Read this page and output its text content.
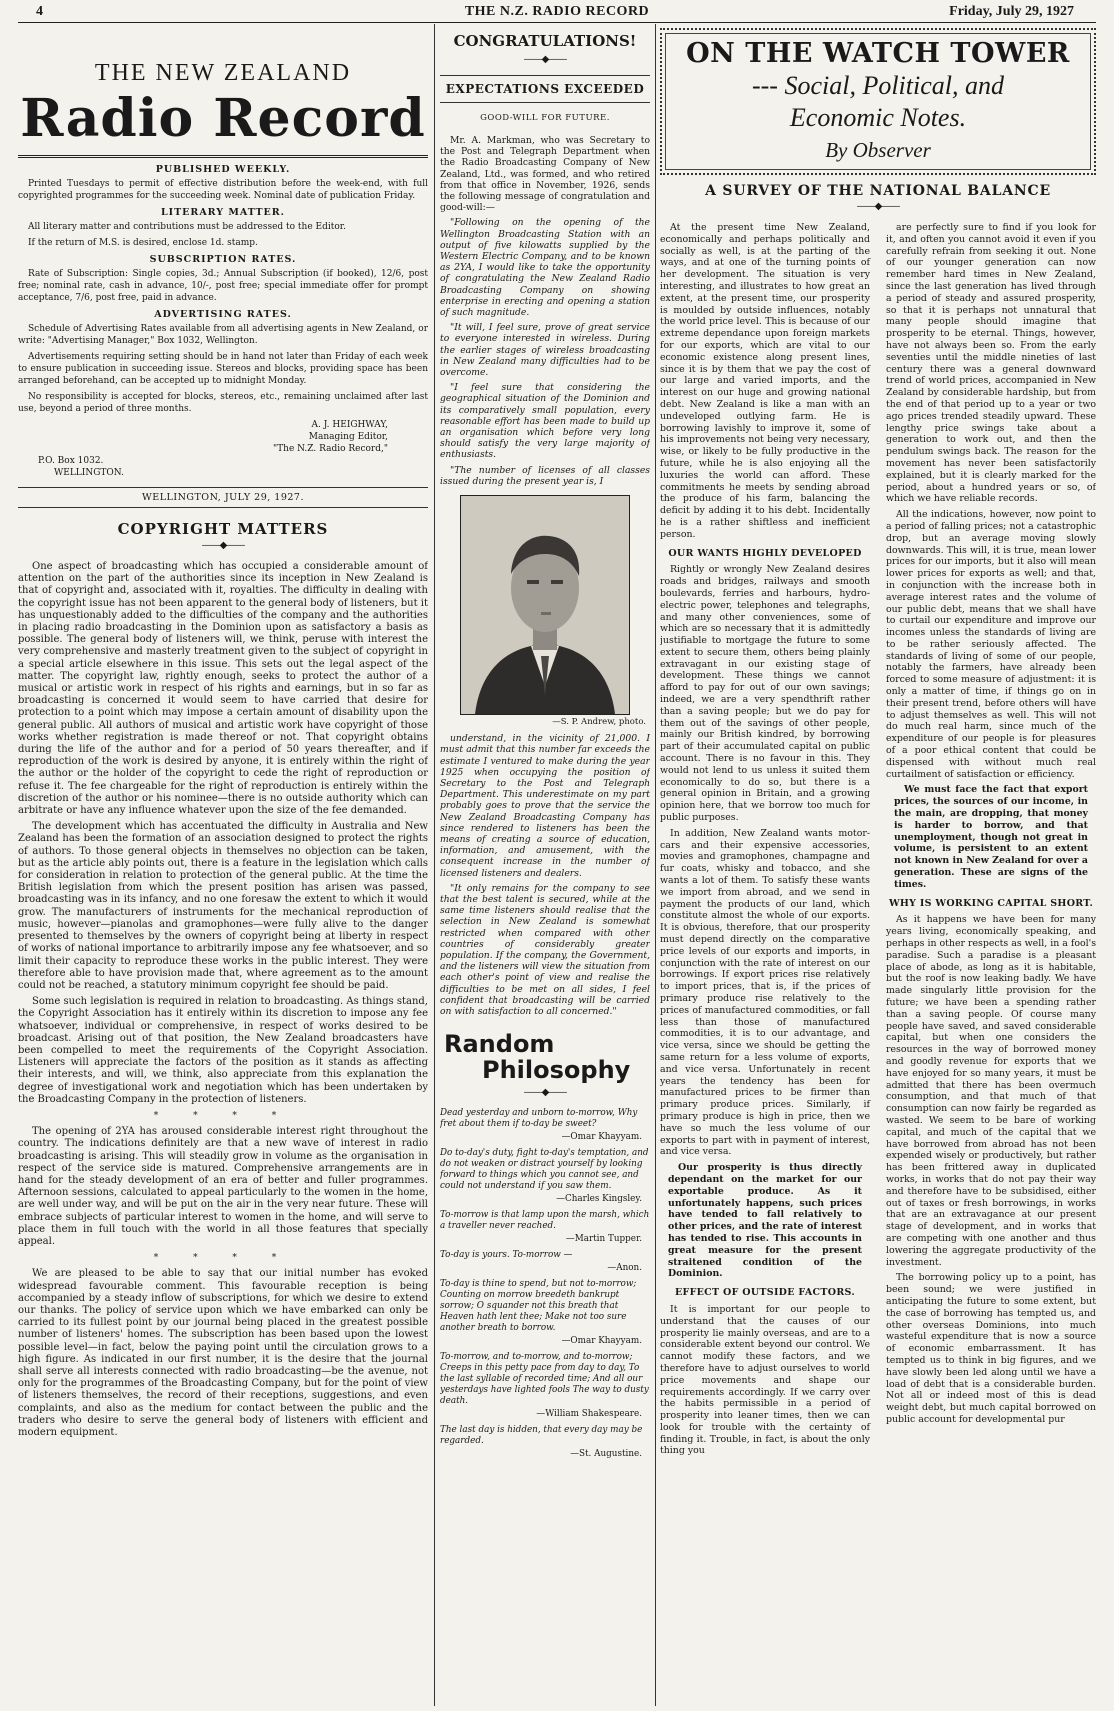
4	THE N.Z. RADIO RECORD	Friday, July 29, 1927
THE NEW ZEALAND
Radio Record
PUBLISHED WEEKLY.

Printed Tuesdays to permit of effective distribution before the week-end, with full copyrighted programmes for the succeeding week. Nominal date of publication Friday.

LITERARY MATTER.

All literary matter and contributions must be addressed to the Editor.

If the return of M.S. is desired, enclose 1d. stamp.

SUBSCRIPTION RATES.

Rate of Subscription: Single copies, 3d.; Annual Subscription (if booked), 12/6, post free; nominal rate, cash in advance, 10/-, post free; special immediate offer for prompt acceptance, 7/6, post free, paid in advance.

ADVERTISING RATES.

Schedule of Advertising Rates available from all advertising agents in New Zealand, or write: "Advertising Manager," Box 1032, Wellington.

Advertisements requiring setting should be in hand not later than Friday of each week to ensure publication in succeeding issue. Stereos and blocks, providing space has been arranged beforehand, can be accepted up to midnight Monday.

No responsibility is accepted for blocks, stereos, etc., remaining unclaimed after last use, beyond a period of three months.

A. J. HEIGHWAY,
Managing Editor,
"The N.Z. Radio Record,"
P.O. Box 1032.
WELLINGTON.
WELLINGTON, JULY 29, 1927.
COPYRIGHT MATTERS
——◆——

One aspect of broadcasting which has occupied a considerable amount of attention on the part of the authorities since its inception in New Zealand is that of copyright and, associated with it, royalties. The difficulty in dealing with the copyright issue has not been apparent to the general body of listeners, but it has unquestionably added to the difficulties of the company and the authorities in placing radio broadcasting in the Dominion upon as satisfactory a basis as possible. The general body of listeners will, we think, peruse with interest the very comprehensive and masterly treatment given to the subject of copyright in a special article elsewhere in this issue. This sets out the legal aspect of the matter. The copyright law, rightly enough, seeks to protect the author of a musical or artistic work in respect of his rights and earnings, but in so far as broadcasting is concerned it would seem to have carried that desire for protection to a point which may impose a certain amount of disability upon the general public. All authors of musical and artistic work have copyright of those works whether registration is made thereof or not. That copyright obtains during the life of the author and for a period of 50 years thereafter, and if reproduction of the work is desired by anyone, it is entirely within the right of the author or the holder of the copyright to cede the right of reproduction or refuse it. The fee chargeable for the right of reproduction is entirely within the discretion of the author or his nominee—there is no outside authority which can arbitrate or have any influence whatever upon the size of the fee demanded.

The development which has accentuated the difficulty in Australia and New Zealand has been the formation of an association designed to protect the rights of authors. To those general objects in themselves no objection can be taken, but as the article ably points out, there is a feature in the legislation which calls for consideration in relation to protection of the general public. At the time the British legislation from which the present position has arisen was passed, broadcasting was in its infancy, and no one foresaw the extent to which it would grow. The manufacturers of instruments for the mechanical reproduction of music, however—pianolas and gramophones—were fully alive to the danger presented to themselves by the owners of copyright being at liberty in respect of works of national importance to arbitrarily impose any fee whatsoever, and so limit their capacity to reproduce these works in the public interest. They were therefore able to have provision made that, where agreement as to the amount could not be reached, a statutory minimum copyright fee should be paid.

Some such legislation is required in relation to broadcasting. As things stand, the Copyright Association has it entirely within its discretion to impose any fee whatsoever, individual or comprehensive, in respect of works desired to be broadcast. Arising out of that position, the New Zealand broadcasters have been compelled to meet the requirements of the Copyright Association. Listeners will appreciate the factors of the position as it stands as affecting their interests, and will, we think, also appreciate from this explanation the degree of investigational work and negotiation which has been undertaken by the Broadcasting Company in the protection of listeners.

* * * *

The opening of 2YA has aroused considerable interest right throughout the country. The indications definitely are that a new wave of interest in radio broadcasting is arising. This will steadily grow in volume as the organisation in respect of the service side is matured. Comprehensive arrangements are in hand for the steady development of an era of better and fuller programmes. Afternoon sessions, calculated to appeal particularly to the women in the home, are well under way, and will be put on the air in the very near future. These will embrace subjects of particular interest to women in the home, and will serve to place them in full touch with the world in all those features that specially appeal.

* * * *

We are pleased to be able to say that our initial number has evoked widespread favourable comment. This favourable reception is being accompanied by a steady inflow of subscriptions, for which we desire to extend our thanks. The policy of service upon which we have embarked can only be carried to its fullest point by our journal being placed in the greatest possible number of listeners' homes. The subscription has been based upon the lowest possible level—in fact, below the paying point until the circulation grows to a high figure. As indicated in our first number, it is the desire that the journal shall serve all interests connected with radio broadcasting—be the avenue, not only for the programmes of the Broadcasting Company, but for the point of view of listeners themselves, the record of their receptions, suggestions, and even complaints, and also as the medium for contact between the public and the traders who desire to serve the general body of listeners with efficient and modern equipment.

CONGRATULATIONS!
——◆——
EXPECTATIONS EXCEEDED
GOOD-WILL FOR FUTURE.

Mr. A. Markman, who was Secretary to the Post and Telegraph Department when the Radio Broadcasting Company of New Zealand, Ltd., was formed, and who retired from that office in November, 1926, sends the following message of congratulation and good-will:—

"Following on the opening of the Wellington Broadcasting Station with an output of five kilowatts supplied by the Western Electric Company, and to be known as 2YA, I would like to take the opportunity of congratulating the New Zealand Radio Broadcasting Company on showing enterprise in erecting and opening a station of such magnitude.

"It will, I feel sure, prove of great service to everyone interested in wireless. During the earlier stages of wireless broadcasting in New Zealand many difficulties had to be overcome.

"I feel sure that considering the geographical situation of the Dominion and its comparatively small population, every reasonable effort has been made to build up an organisation which before very long should satisfy the very large majority of enthusiasts.

"The number of licenses of all classes issued during the present year is, I

—S. P. Andrew, photo.

understand, in the vicinity of 21,000. I must admit that this number far exceeds the estimate I ventured to make during the year 1925 when occupying the position of Secretary to the Post and Telegraph Department. This underestimate on my part probably goes to prove that the service the New Zealand Broadcasting Company has since rendered to listeners has been the means of creating a source of education, information, and amusement, with the consequent increase in the number of licensed listeners and dealers.

"It only remains for the company to see that the best talent is secured, while at the same time listeners should realise that the selection in New Zealand is somewhat restricted when compared with other countries of considerably greater population. If the company, the Government, and the listeners will view the situation from each other's point of view and realise the difficulties to be met on all sides, I feel confident that broadcasting will be carried on with satisfaction to all concerned."

Random
Philosophy
——◆——
Dead yesterday and unborn to-morrow, Why fret about them if to-day be sweet?
—Omar Khayyam.
Do to-day's duty, fight to-day's temptation, and do not weaken or distract yourself by looking forward to things which you cannot see, and could not understand if you saw them.
—Charles Kingsley.
To-morrow is that lamp upon the marsh, which a traveller never reached.
—Martin Tupper.
To-day is yours. To-morrow —
—Anon.
To-day is thine to spend, but not to-morrow; Counting on morrow breedeth bankrupt sorrow; O squander not this breath that Heaven hath lent thee; Make not too sure another breath to borrow.
—Omar Khayyam.
To-morrow, and to-morrow, and to-morrow; Creeps in this petty pace from day to day, To the last syllable of recorded time; And all our yesterdays have lighted fools The way to dusty death.
—William Shakespeare.
The last day is hidden, that every day may be regarded.
—St. Augustine.
ON THE WATCH TOWER
--- Social, Political, and
Economic Notes.
By Observer
A SURVEY OF THE NATIONAL BALANCE
——◆——

At the present time New Zealand, economically and perhaps politically and socially as well, is at the parting of the ways, and at one of the turning points of her development. The situation is very interesting, and illustrates to how great an extent, at the present time, our prosperity is moulded by outside influences, notably the world price level. This is because of our extreme dependance upon foreign markets for our exports, which are vital to our economic existence along present lines, since it is by them that we pay the cost of our large and varied imports, and the interest on our huge and growing national debt. New Zealand is like a man with an undeveloped outlying farm. He is borrowing lavishly to improve it, some of his improvements not being very necessary, wise, or likely to be fully productive in the future, while he is also enjoying all the luxuries the world can afford. These commitments he meets by sending abroad the produce of his farm, balancing the deficit by adding it to his debt. Incidentally he is a rather shiftless and inefficient person.

OUR WANTS HIGHLY DEVELOPED

Rightly or wrongly New Zealand desires roads and bridges, railways and smooth boulevards, ferries and harbours, hydro-electric power, telephones and telegraphs, and many other conveniences, some of which are so necessary that it is admittedly justifiable to mortgage the future to some extent to secure them, others being plainly extravagant in our existing stage of development. These things we cannot afford to pay for out of our own savings; indeed, we are a very spendthrift rather than a saving people; but we do pay for them out of the savings of other people, mainly our British kindred, by borrowing part of their accumulated capital on public account. There is no favour in this. They would not lend to us unless it suited them economically to do so, but there is a general opinion in Britain, and a growing opinion here, that we borrow too much for public purposes.

In addition, New Zealand wants motor-cars and their expensive accessories, movies and gramophones, champagne and fur coats, whisky and tobacco, and she wants a lot of them. To satisfy these wants we import from abroad, and we send in payment the products of our land, which constitute almost the whole of our exports. It is obvious, therefore, that our prosperity must depend directly on the comparative price levels of our exports and imports, in conjunction with the rate of interest on our borrowings. If export prices rise relatively to import prices, that is, if the prices of primary produce rise relatively to the prices of manufactured commodities, or fall less than those of manufactured commodities, it is to our advantage, and vice versa, since we should be getting the same return for a less volume of exports, and vice versa. Unfortunately in recent years the tendency has been for manufactured prices to be firmer than primary produce prices. Similarly, if primary produce is high in price, then we have so much the less volume of our exports to part with in payment of interest, and vice versa.

Our prosperity is thus directly dependant on the market for our exportable produce. As it unfortunately happens, such prices have tended to fall relatively to other prices, and the rate of interest has tended to rise. This accounts in great measure for the present straitened condition of the Dominion.

EFFECT OF OUTSIDE FACTORS.

It is important for our people to understand that the causes of our prosperity lie mainly overseas, and are to a considerable extent beyond our control. We cannot modify these factors, and we therefore have to adjust ourselves to world price movements and shape our requirements accordingly. If we carry over the habits permissible in a period of prosperity into leaner times, then we can look for trouble with the certainty of finding it. Trouble, in fact, is about the only thing you

are perfectly sure to find if you look for it, and often you cannot avoid it even if you carefully refrain from seeking it out. None of our younger generation can now remember hard times in New Zealand, since the last generation has lived through a period of steady and assured prosperity, so that it is perhaps not unnatural that many people should imagine that prosperity to be eternal. Things, however, have not always been so. From the early seventies until the middle nineties of last century there was a general downward trend of world prices, accompanied in New Zealand by considerable hardship, but from the end of that period up to a year or two ago prices trended steadily upward. These lengthy price swings take about a generation to work out, and then the pendulum swings back. The reason for the movement has never been satisfactorily explained, but it is clearly marked for the period, about a hundred years or so, of which we have reliable records.

All the indications, however, now point to a period of falling prices; not a catastrophic drop, but an average moving slowly downwards. This will, it is true, mean lower prices for our imports, but it also will mean lower prices for exports as well; and that, in conjunction with the increase both in average interest rates and the volume of our public debt, means that we shall have to curtail our expenditure and improve our incomes unless the standards of living are to be rather seriously affected. The standards of living of some of our people, notably the farmers, have already been forced to some measure of adjustment: it is only a matter of time, if things go on in their present trend, before others will have to adjust themselves as well. This will not do much real harm, since much of the expenditure of our people is for pleasures of a poor ethical content that could be dispensed with without much real curtailment of satisfaction or efficiency.

We must face the fact that export prices, the sources of our income, in the main, are dropping, that money is harder to borrow, and that unemployment, though not great in volume, is persistent to an extent not known in New Zealand for over a generation. These are signs of the times.

WHY IS WORKING CAPITAL SHORT.

As it happens we have been for many years living, economically speaking, and perhaps in other respects as well, in a fool's paradise. Such a paradise is a pleasant place of abode, as long as it is habitable, but the roof is now leaking badly. We have made singularly little provision for the future; we have been a spending rather than a saving people. Of course many people have saved, and saved considerable capital, but when one considers the resources in the way of borrowed money and goodly revenue for exports that we have enjoyed for so many years, it must be admitted that there has been overmuch consumption, and that much of that consumption can now fairly be regarded as wasted. We seem to be bare of working capital, and much of the capital that we have borrowed from abroad has not been expended wisely or productively, but rather has been frittered away in duplicated works, in works that do not pay their way and therefore have to be subsidised, either out of taxes or fresh borrowings, in works that are an extravagance at our present stage of development, and in works that are competing with one another and thus lowering the aggregate productivity of the investment.

The borrowing policy up to a point, has been sound; we were justified in anticipating the future to some extent, but the case of borrowing has tempted us, and other overseas Dominions, into much wasteful expenditure that is now a source of economic embarrassment. It has tempted us to think in big figures, and we have slowly been led along until we have a load of debt that is a considerable burden. Not all or indeed most of this is dead weight debt, but much capital borrowed on public account for developmental pur
